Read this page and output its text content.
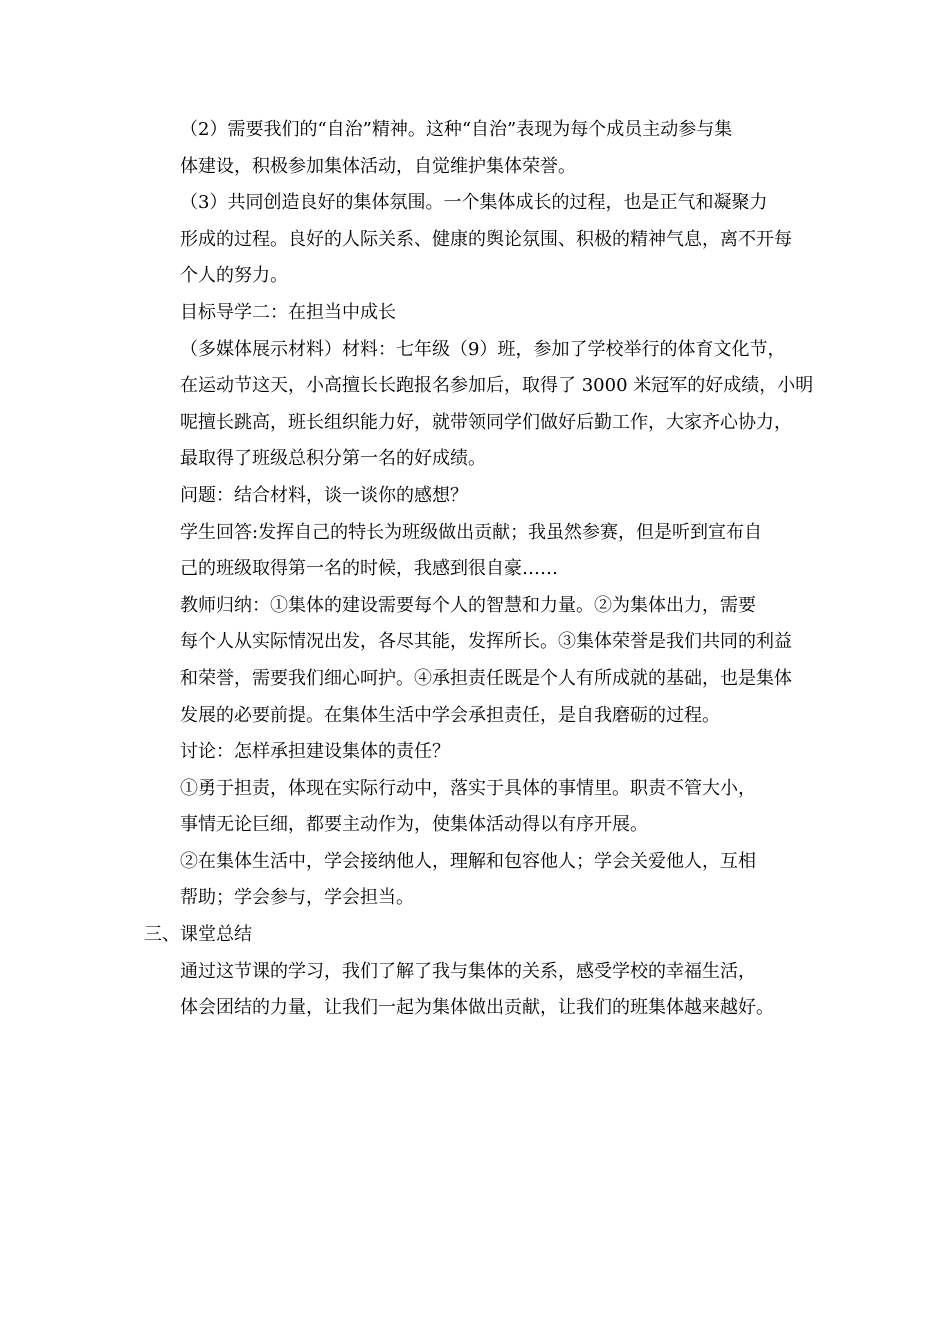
（2）需要我们的“自治”精神。这种“自治”表现为每个成员主动参与集
体建设，积极参加集体活动，自觉维护集体荣誉。

（3）共同创造良好的集体氛围。一个集体成长的过程，也是正气和凝聚力
形成的过程。良好的人际关系、健康的舆论氛围、积极的精神气息，离不开每
个人的努力。

目标导学二：在担当中成长

（多媒体展示材料）材料：七年级（9）班，参加了学校举行的体育文化节，
在运动节这天，小高擅长长跑报名参加后，取得了 3000 米冠军的好成绩，小明
呢擅长跳高，班长组织能力好，就带领同学们做好后勤工作，大家齐心协力，
最取得了班级总积分第一名的好成绩。

问题：结合材料，谈一谈你的感想？

学生回答:发挥自己的特长为班级做出贡献；我虽然参赛，但是听到宣布自
己的班级取得第一名的时候，我感到很自豪……

教师归纳：①集体的建设需要每个人的智慧和力量。②为集体出力，需要
每个人从实际情况出发，各尽其能，发挥所长。③集体荣誉是我们共同的利益
和荣誉，需要我们细心呵护。④承担责任既是个人有所成就的基础，也是集体
发展的必要前提。在集体生活中学会承担责任，是自我磨砺的过程。

讨论：怎样承担建设集体的责任？

①勇于担责，体现在实际行动中，落实于具体的事情里。职责不管大小，
事情无论巨细，都要主动作为，使集体活动得以有序开展。

②在集体生活中，学会接纳他人，理解和包容他人；学会关爱他人，互相
帮助；学会参与，学会担当。

三、课堂总结

通过这节课的学习，我们了解了我与集体的关系，感受学校的幸福生活，
体会团结的力量，让我们一起为集体做出贡献，让我们的班集体越来越好。
